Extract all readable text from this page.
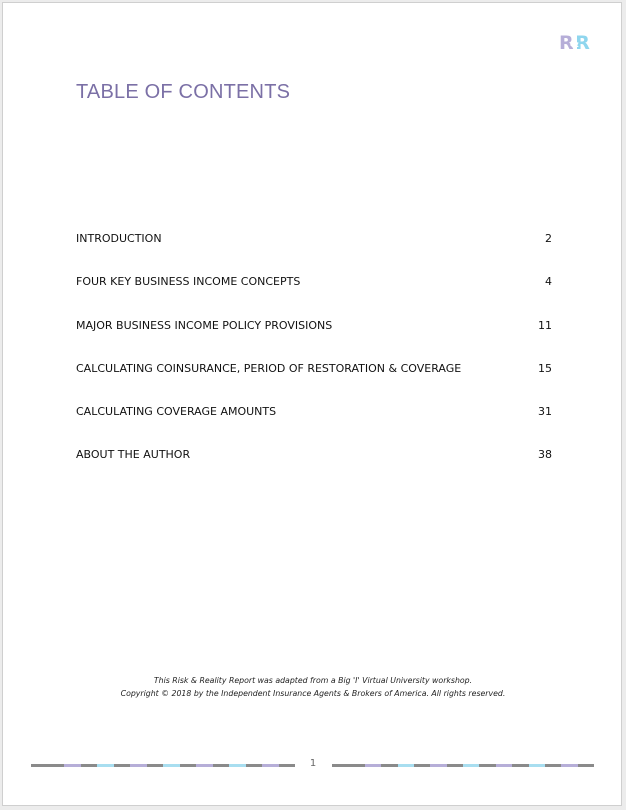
R&R
TABLE OF CONTENTS
INTRODUCTION	2
FOUR KEY BUSINESS INCOME CONCEPTS	4
MAJOR BUSINESS INCOME POLICY PROVISIONS	11
CALCULATING COINSURANCE, PERIOD OF RESTORATION & COVERAGE	15
CALCULATING COVERAGE AMOUNTS	31
ABOUT THE AUTHOR	38
This Risk & Reality Report was adapted from a Big 'I' Virtual University workshop.
Copyright © 2018 by the Independent Insurance Agents & Brokers of America. All rights reserved.
1
